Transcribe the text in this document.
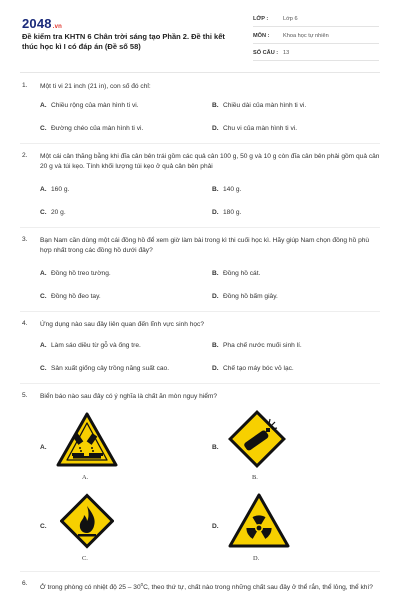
2048.vn
Đề kiểm tra KHTN 6 Chân trời sáng tạo Phần 2. Đề thi kết thúc học kì I có đáp án (Đề số 58)
LỚP :	Lớp 6
MÔN :	Khoa học tự nhiên
SỐ CÂU : 13
1. Một ti vi 21 inch (21 in), con số đó chỉ:
A. Chiều rộng của màn hình ti vi.	B. Chiều dài của màn hình ti vi.
C. Đường chéo của màn hình ti vi.	D. Chu vi của màn hình ti vi.
2. Một cái cân thăng bằng khi đĩa cân bên trái gồm các quả cân 100 g, 50 g và 10 g còn đĩa cân bên phải gồm quả cân 20 g và túi kẹo. Tính khối lượng túi kẹo ở quả cân bên phải
A. 160 g.	B. 140 g.
C. 20 g.	D. 180 g.
3. Bạn Nam cần dùng một cái đồng hồ để xem giờ làm bài trong kì thi cuối học kì. Hãy giúp Nam chọn đồng hồ phù hợp nhất trong các đồng hồ dưới đây?
A. Đồng hồ treo tường.	B. Đồng hồ cát.
C. Đồng hồ đeo tay.	D. Đồng hồ bấm giây.
4. Ứng dụng nào sau đây liên quan đến lĩnh vực sinh học?
A. Làm sáo diều từ gỗ và ống tre.	B. Pha chế nước muối sinh lí.
C. Sản xuất giống cây trồng năng suất cao.	D. Chế tạo máy bóc vỏ lạc.
5. Biển báo nào sau đây có ý nghĩa là chất ăn mòn nguy hiểm?
A.
A.
B.
B.
C.
C.
D.
D.
6.
Ở trong phòng có nhiệt độ $25 - 30^0C$, theo thứ tự, chất nào trong những chất sau đây ở thể rắn, thể lỏng, thể khí?
